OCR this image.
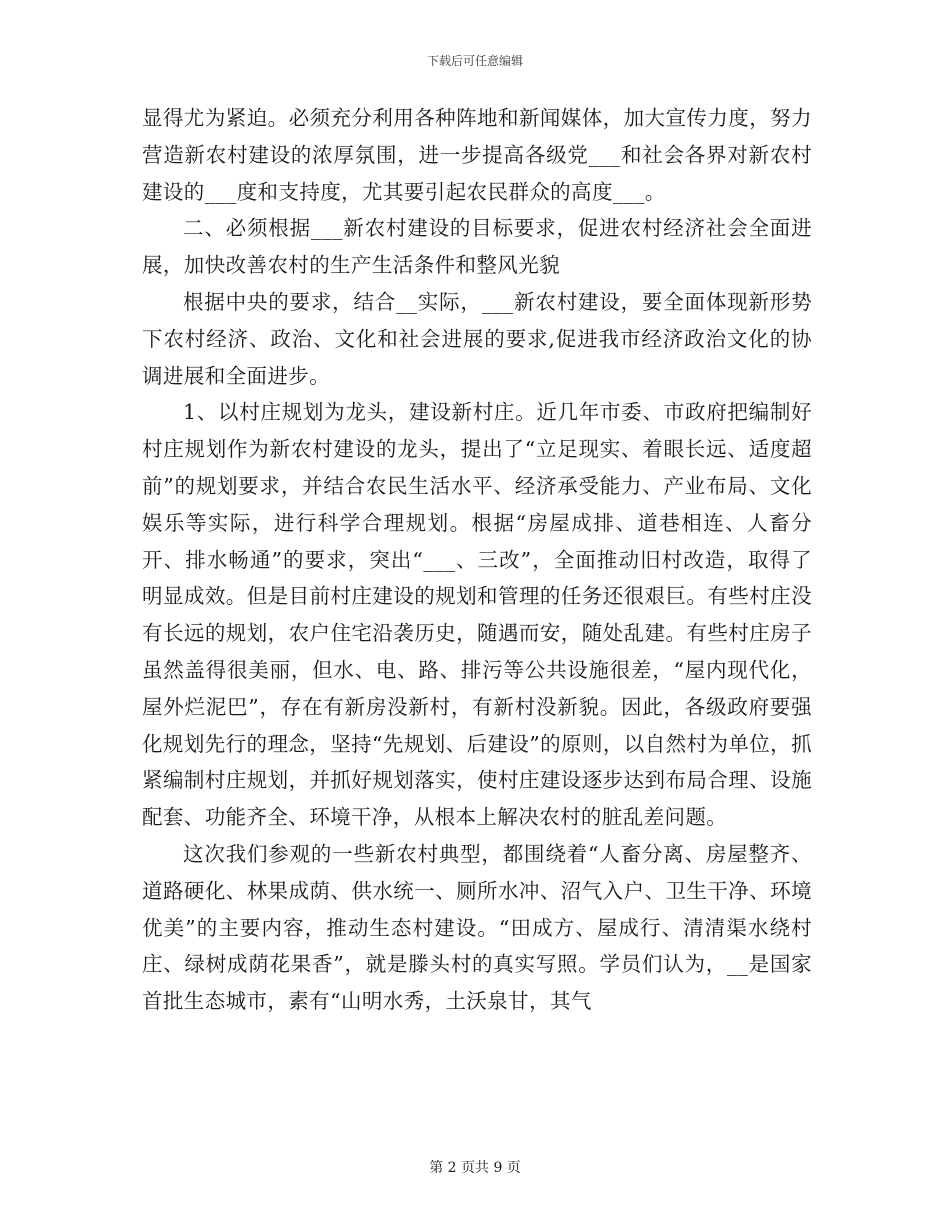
下载后可任意编辑

显得尤为紧迫。必须充分利用各种阵地和新闻媒体，加大宣传力度，努力营造新农村建设的浓厚氛围，进一步提高各级党___和社会各界对新农村建设的___度和支持度，尤其要引起农民群众的高度___。

二、必须根据___新农村建设的目标要求，促进农村经济社会全面进展，加快改善农村的生产生活条件和整风光貌

根据中央的要求，结合__实际，___新农村建设，要全面体现新形势下农村经济、政治、文化和社会进展的要求,促进我市经济政治文化的协调进展和全面进步。

1、以村庄规划为龙头，建设新村庄。近几年市委、市政府把编制好村庄规划作为新农村建设的龙头，提出了“立足现实、着眼长远、适度超前”的规划要求，并结合农民生活水平、经济承受能力、产业布局、文化娱乐等实际，进行科学合理规划。根据“房屋成排、道巷相连、人畜分开、排水畅通”的要求，突出“___、三改”，全面推动旧村改造，取得了明显成效。但是目前村庄建设的规划和管理的任务还很艰巨。有些村庄没有长远的规划，农户住宅沿袭历史，随遇而安，随处乱建。有些村庄房子虽然盖得很美丽，但水、电、路、排污等公共设施很差，“屋内现代化，屋外烂泥巴”，存在有新房没新村，有新村没新貌。因此，各级政府要强化规划先行的理念，坚持“先规划、后建设”的原则，以自然村为单位，抓紧编制村庄规划，并抓好规划落实，使村庄建设逐步达到布局合理、设施配套、功能齐全、环境干净，从根本上解决农村的脏乱差问题。

这次我们参观的一些新农村典型，都围绕着“人畜分离、房屋整齐、道路硬化、林果成荫、供水统一、厕所水冲、沼气入户、卫生干净、环境优美”的主要内容，推动生态村建设。“田成方、屋成行、清清渠水绕村庄、绿树成荫花果香”，就是滕头村的真实写照。学员们认为，__是国家首批生态城市，素有“山明水秀，土沃泉甘，其气

第 2 页共 9 页
